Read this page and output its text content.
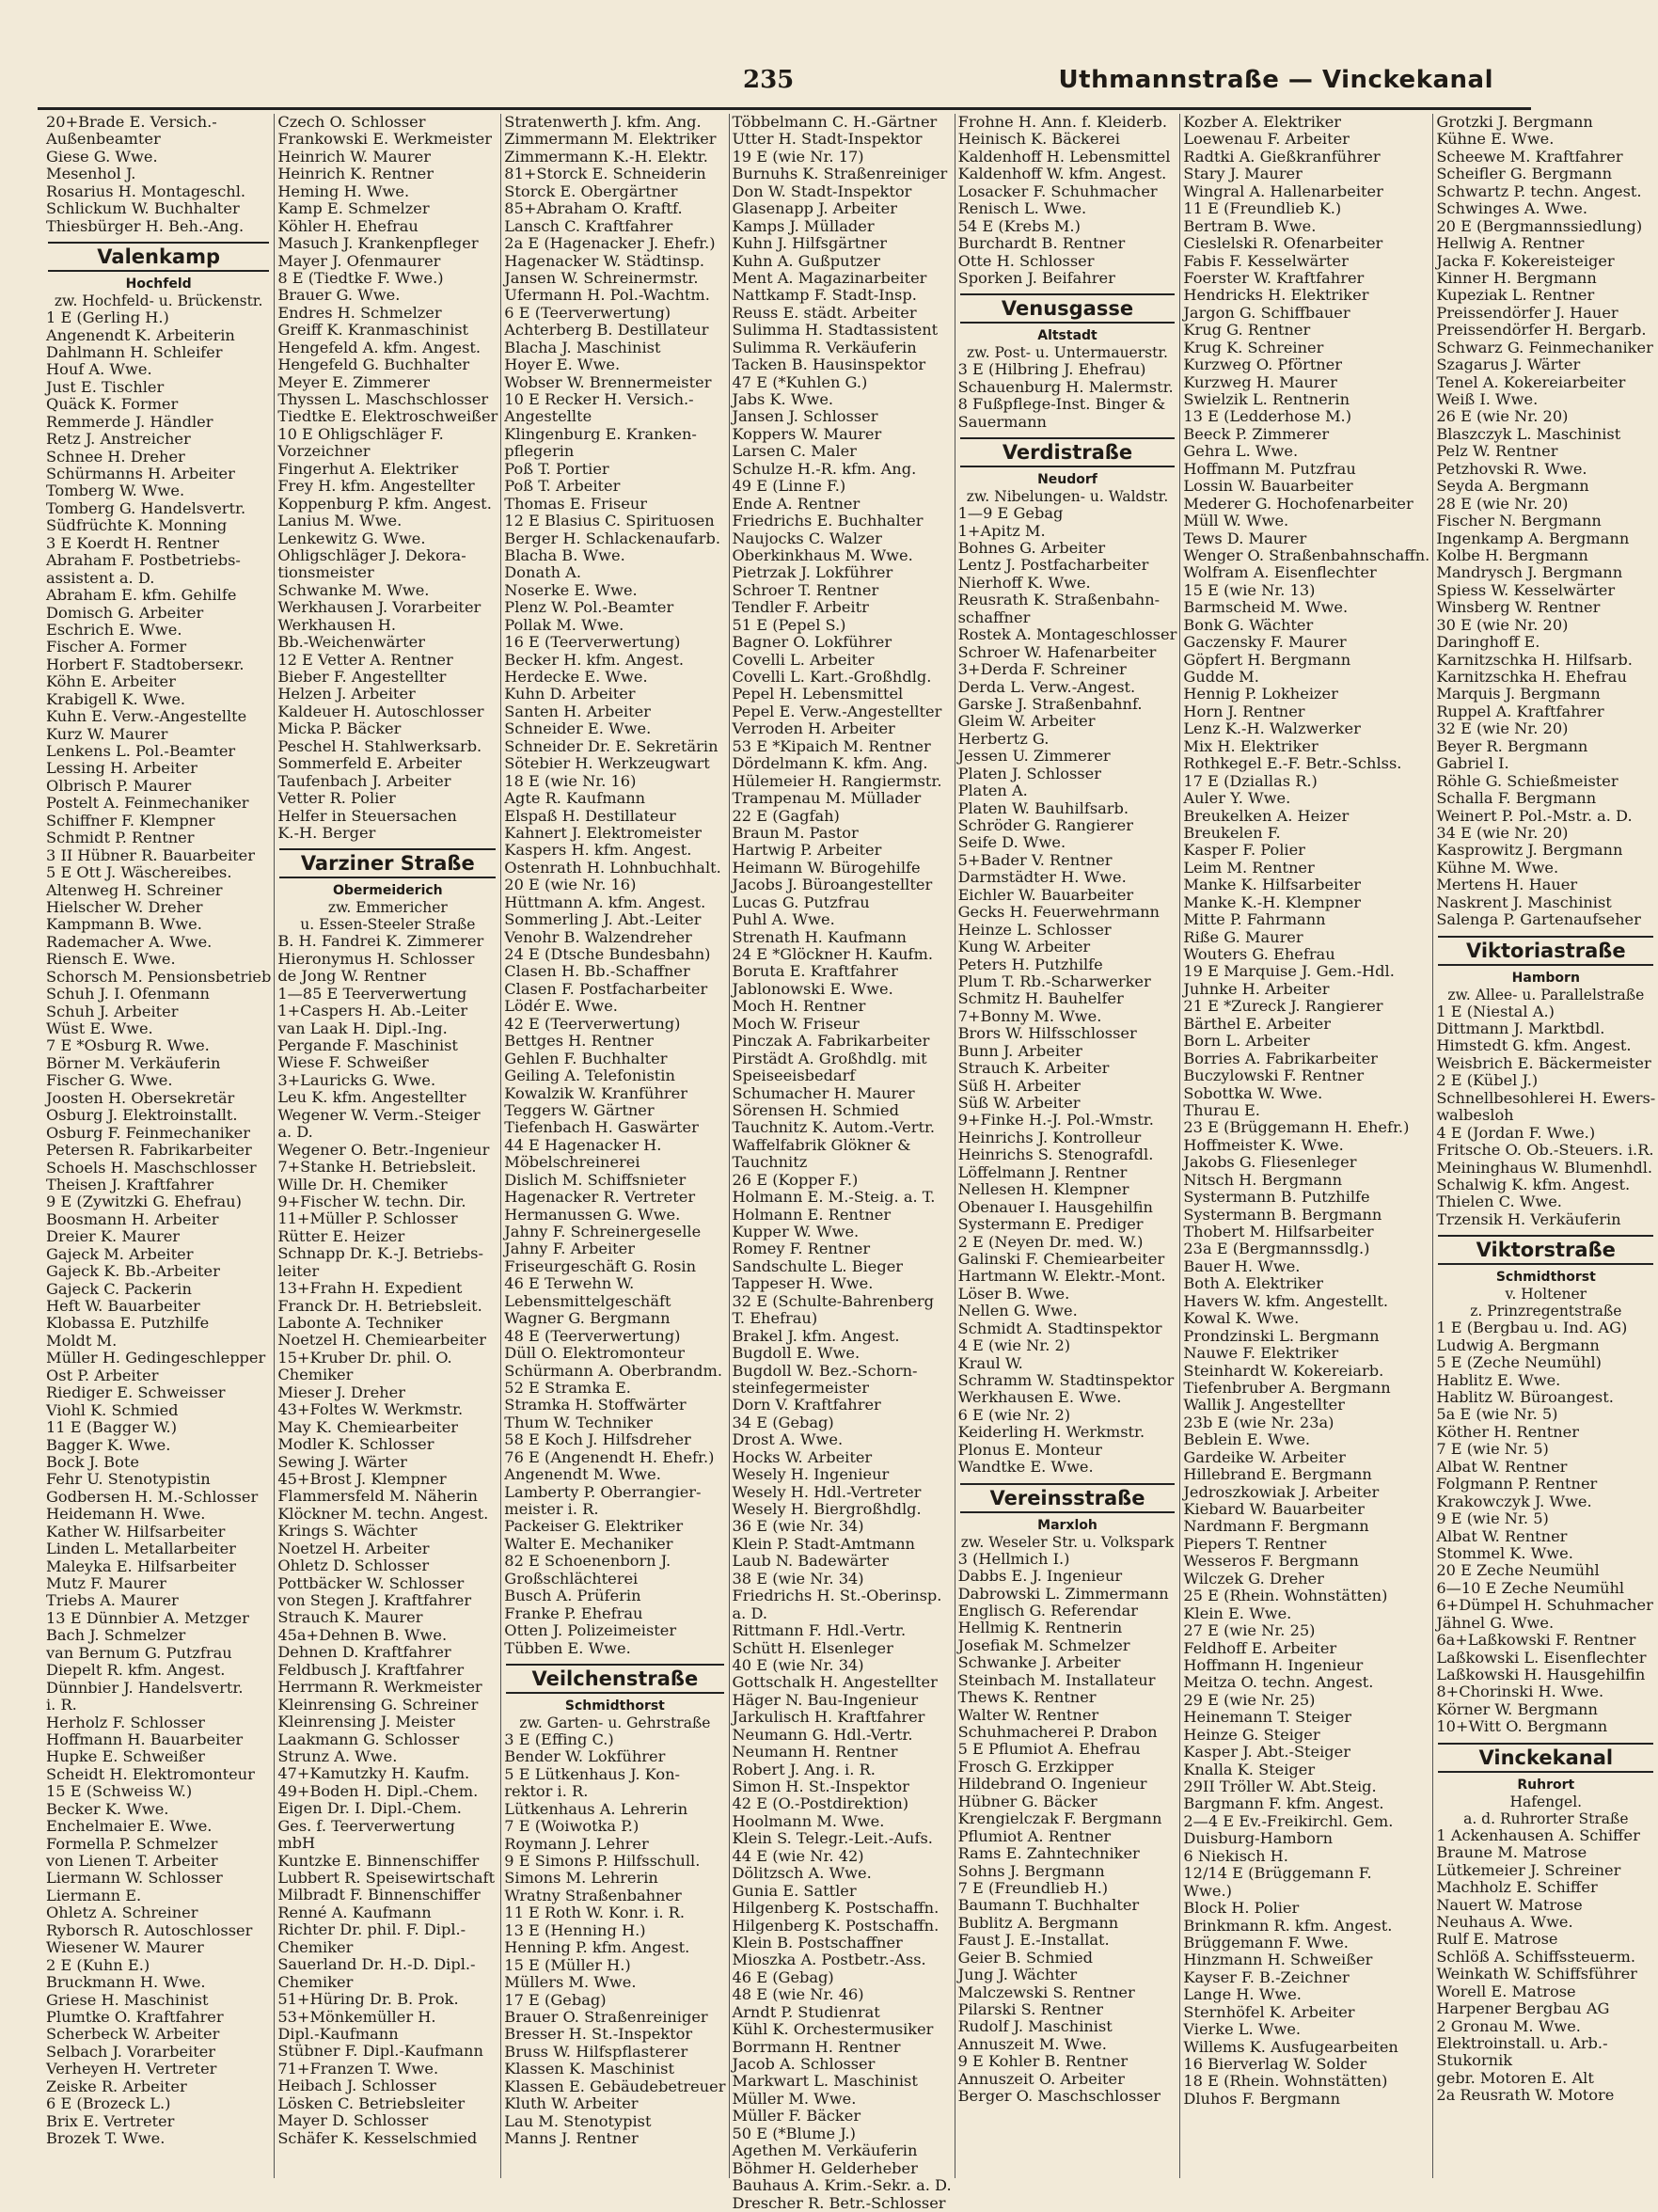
235	Uthmannstraße — Vinckekanal
20+Brade E. Versich.-
Außenbeamter
Giese G. Wwe.
Mesenhol J.
Rosarius H. Montageschl.
Schlickum W. Buchhalter
Thiesbürger H. Beh.-Ang.
Valenkamp
Hochfeld
zw. Hochfeld- u. Brückenstr.
1 E (Gerling H.)
Angenendt K. Arbeiterin
Dahlmann H. Schleifer
Houf A. Wwe.
Just E. Tischler
Quäck K. Former
Remmerde J. Händler
Retz J. Anstreicher
Schnee H. Dreher
Schürmanns H. Arbeiter
Tomberg W. Wwe.
Tomberg G. Handelsvertr.
Südfrüchte K. Monning
3 E Koerdt H. Rentner
Abraham F. Postbetriebs-
assistent a. D.
Abraham E. kfm. Gehilfe
Domisch G. Arbeiter
Eschrich E. Wwe.
Fischer A. Former
Horbert F. Stadtoberseкr.
Köhn E. Arbeiter
Krabigell K. Wwe.
Kuhn E. Verw.-Angestellte
Kurz W. Maurer
Lenkens L. Pol.-Beamter
Lessing H. Arbeiter
Olbrisch P. Maurer
Postelt A. Feinmechaniker
Schiffner F. Klempner
Schmidt P. Rentner
3 II Hübner R. Bauarbeiter
5 E Ott J. Wäschereibes.
Altenweg H. Schreiner
Hielscher W. Dreher
Kampmann B. Wwe.
Rademacher A. Wwe.
Riensch E. Wwe.
Schorsch M. Pensionsbetrieb
Schuh J. I. Ofenmann
Schuh J. Arbeiter
Wüst E. Wwe.
7 E *Osburg R. Wwe.
Börner M. Verkäuferin
Fischer G. Wwe.
Joosten H. Obersekretär
Osburg J. Elektroinstallt.
Osburg F. Feinmechaniker
Petersen R. Fabrikarbeiter
Schoels H. Maschschlosser
Theisen J. Kraftfahrer
9 E (Zywitzki G. Ehefrau)
Boosmann H. Arbeiter
Dreier K. Maurer
Gajeck M. Arbeiter
Gajeck K. Bb.-Arbeiter
Gajeck C. Packerin
Heft W. Bauarbeiter
Klobassa E. Putzhilfe
Moldt M.
Müller H. Gedingeschlepper
Ost P. Arbeiter
Riediger E. Schweisser
Viohl K. Schmied
11 E (Bagger W.)
Bagger K. Wwe.
Bock J. Bote
Fehr U. Stenotypistin
Godbersen H. M.-Schlosser
Heidemann H. Wwe.
Kather W. Hilfsarbeiter
Linden L. Metallarbeiter
Maleyka E. Hilfsarbeiter
Mutz F. Maurer
Triebs A. Maurer
13 E Dünnbier A. Metzger
Bach J. Schmelzer
van Bernum G. Putzfrau
Diepelt R. kfm. Angest.
Dünnbier J. Handelsvertr.
i. R.
Herholz F. Schlosser
Hoffmann H. Bauarbeiter
Hupke E. Schweißer
Scheidt H. Elektromonteur
15 E (Schweiss W.)
Becker K. Wwe.
Enchelmaier E. Wwe.
Formella P. Schmelzer
von Lienen T. Arbeiter
Liermann W. Schlosser
Liermann E.
Ohletz A. Schreiner
Ryborsch R. Autoschlosser
Wiesener W. Maurer
2 E (Kuhn E.)
Bruckmann H. Wwe.
Griese H. Maschinist
Plumtke O. Kraftfahrer
Scherbeck W. Arbeiter
Selbach J. Vorarbeiter
Verheyen H. Vertreter
Zeiske R. Arbeiter
6 E (Brozeck L.)
Brix E. Vertreter
Brozek T. Wwe.
Czech O. Schlosser
Frankowski E. Werkmeister
Heinrich W. Maurer
Heinrich K. Rentner
Heming H. Wwe.
Kamp E. Schmelzer
Köhler H. Ehefrau
Masuch J. Krankenpfleger
Mayer J. Ofenmaurer
8 E (Tiedtke F. Wwe.)
Brauer G. Wwe.
Endres H. Schmelzer
Greiff K. Kranmaschinist
Hengefeld A. kfm. Angest.
Hengefeld G. Buchhalter
Meyer E. Zimmerer
Thyssen L. Maschschlosser
Tiedtke E. Elektroschweißer
10 E Ohligschläger F.
Vorzeichner
Fingerhut A. Elektriker
Frey H. kfm. Angestellter
Koppenburg P. kfm. Angest.
Lanius M. Wwe.
Lenkewitz G. Wwe.
Ohligschläger J. Dekora-
tionsmeister
Schwanke M. Wwe.
Werkhausen J. Vorarbeiter
Werkhausen H.
Bb.-Weichenwärter
12 E Vetter A. Rentner
Bieber F. Angestellter
Helzen J. Arbeiter
Kaldeuer H. Autoschlosser
Micka P. Bäcker
Peschel H. Stahlwerksarb.
Sommerfeld E. Arbeiter
Taufenbach J. Arbeiter
Vetter R. Polier
Helfer in Steuersachen
K.-H. Berger
Varziner Straße
Obermeiderich
zw. Emmericher
u. Essen-Steeler Straße
B. H. Fandrei K. Zimmerer
Hieronymus H. Schlosser
de Jong W. Rentner
1—85 E Teerverwertung
1+Caspers H. Ab.-Leiter
van Laak H. Dipl.-Ing.
Pergande F. Maschinist
Wiese F. Schweißer
3+Lauricks G. Wwe.
Leu K. kfm. Angestellter
Wegener W. Verm.-Steiger
a. D.
Wegener O. Betr.-Ingenieur
7+Stanke H. Betriebsleit.
Wille Dr. H. Chemiker
9+Fischer W. techn. Dir.
11+Müller P. Schlosser
Rütter E. Heizer
Schnapp Dr. K.-J. Betriebs-
leiter
13+Frahn H. Expedient
Franck Dr. H. Betriebsleit.
Labonte A. Techniker
Noetzel H. Chemiearbeiter
15+Kruber Dr. phil. O.
Chemiker
Mieser J. Dreher
43+Foltes W. Werkmstr.
May K. Chemiearbeiter
Modler K. Schlosser
Sewing J. Wärter
45+Brost J. Klempner
Flammersfeld M. Näherin
Klöckner M. techn. Angest.
Krings S. Wächter
Noetzel H. Arbeiter
Ohletz D. Schlosser
Pottbäcker W. Schlosser
von Stegen J. Kraftfahrer
Strauch K. Maurer
45a+Dehnen B. Wwe.
Dehnen D. Kraftfahrer
Feldbusch J. Kraftfahrer
Herrmann R. Werkmeister
Kleinrensing G. Schreiner
Kleinrensing J. Meister
Laakmann G. Schlosser
Strunz A. Wwe.
47+Kamutzky H. Kaufm.
49+Boden H. Dipl.-Chem.
Eigen Dr. I. Dipl.-Chem.
Ges. f. Teerverwertung
mbH
Kuntzke E. Binnenschiffer
Lubbert R. Speisewirtschaft
Milbradt F. Binnenschiffer
Renné A. Kaufmann
Richter Dr. phil. F. Dipl.-
Chemiker
Sauerland Dr. H.-D. Dipl.-
Chemiker
51+Hüring Dr. B. Prok.
53+Mönkemüller H.
Dipl.-Kaufmann
Stübner F. Dipl.-Kaufmann
71+Franzen T. Wwe.
Heibach J. Schlosser
Lösken C. Betriebsleiter
Mayer D. Schlosser
Schäfer K. Kesselschmied
Stratenwerth J. kfm. Ang.
Zimmermann M. Elektriker
Zimmermann K.-H. Elektr.
81+Storck E. Schneiderin
Storck E. Obergärtner
85+Abraham O. Kraftf.
Lansch C. Kraftfahrer
2a E (Hagenacker J. Ehefr.)
Hagenacker W. Städtinsp.
Jansen W. Schreinermstr.
Ufermann H. Pol.-Wachtm.
6 E (Teerverwertung)
Achterberg B. Destillateur
Blacha J. Maschinist
Hoyer E. Wwe.
Wobser W. Brennermeister
10 E Recker H. Versich.-
Angestellte
Klingenburg E. Kranken-
pflegerin
Poß T. Portier
Poß T. Arbeiter
Thomas E. Friseur
12 E Blasius C. Spirituosen
Berger H. Schlackenaufarb.
Blacha B. Wwe.
Donath A.
Noserke E. Wwe.
Plenz W. Pol.-Beamter
Pollak M. Wwe.
16 E (Teerverwertung)
Becker H. kfm. Angest.
Herdecke E. Wwe.
Kuhn D. Arbeiter
Santen H. Arbeiter
Schneider E. Wwe.
Schneider Dr. E. Sekretärin
Sötebier H. Werkzeugwart
18 E (wie Nr. 16)
Agte R. Kaufmann
Elspaß H. Destillateur
Kahnert J. Elektromeister
Kaspers H. kfm. Angest.
Ostenrath H. Lohnbuchhalt.
20 E (wie Nr. 16)
Hüttmann A. kfm. Angest.
Sommerling J. Abt.-Leiter
Venohr B. Walzendreher
24 E (Dtsche Bundesbahn)
Clasen H. Bb.-Schaffner
Clasen F. Postfacharbeiter
Lödér E. Wwe.
42 E (Teerverwertung)
Bettges H. Rentner
Gehlen F. Buchhalter
Geiling A. Telefonistin
Kowalzik W. Kranführer
Teggers W. Gärtner
Tiefenbach H. Gaswärter
44 E Hagenacker H.
Möbelschreinerei
Dislich M. Schiffsnieter
Hagenacker R. Vertreter
Hermanussen G. Wwe.
Jahny F. Schreinergeselle
Jahny F. Arbeiter
Friseurgeschäft G. Rosin
46 E Terwehn W.
Lebensmittelgeschäft
Wagner G. Bergmann
48 E (Teerverwertung)
Düll O. Elektromonteur
Schürmann A. Oberbrandm.
52 E Stramka E.
Stramka H. Stoffwärter
Thum W. Techniker
58 E Koch J. Hilfsdreher
76 E (Angenendt H. Ehefr.)
Angenendt M. Wwe.
Lamberty P. Oberrangier-
meister i. R.
Packeiser G. Elektriker
Walter E. Mechaniker
82 E Schoenenborn J.
Großschlächterei
Busch A. Prüferin
Franke P. Ehefrau
Otten J. Polizeimeister
Tübben E. Wwe.
Veilchenstraße
Schmidthorst
zw. Garten- u. Gehrstraße
3 E (Effing C.)
Bender W. Lokführer
5 E Lütkenhaus J. Kon-
rektor i. R.
Lütkenhaus A. Lehrerin
7 E (Woiwotka P.)
Roymann J. Lehrer
9 E Simons P. Hilfsschull.
Simons M. Lehrerin
Wratny Straßenbahner
11 E Roth W. Konr. i. R.
13 E (Henning H.)
Henning P. kfm. Angest.
15 E (Müller H.)
Müllers M. Wwe.
17 E (Gebag)
Brauer O. Straßenreiniger
Bresser H. St.-Inspektor
Bruss W. Hilfspflasterer
Klassen K. Maschinist
Klassen E. Gebäudebetreuer
Kluth W. Arbeiter
Lau M. Stenotypist
Manns J. Rentner
Többelmann C. H.-Gärtner
Utter H. Stadt-Inspektor
19 E (wie Nr. 17)
Burnuhs K. Straßenreiniger
Don W. Stadt-Inspektor
Glasenapp J. Arbeiter
Kamps J. Müllader
Kuhn J. Hilfsgärtner
Kuhn A. Gußputzer
Ment A. Magazinarbeiter
Nattkamp F. Stadt-Insp.
Reuss E. städt. Arbeiter
Sulimma H. Stadtassistent
Sulimma R. Verkäuferin
Tacken B. Hausinspektor
47 E (*Kuhlen G.)
Jabs K. Wwe.
Jansen J. Schlosser
Koppers W. Maurer
Larsen C. Maler
Schulze H.-R. kfm. Ang.
49 E (Linne F.)
Ende A. Rentner
Friedrichs E. Buchhalter
Naujocks C. Walzer
Oberkinkhaus M. Wwe.
Pietrzak J. Lokführer
Schroer T. Rentner
Tendler F. Arbeitr
51 E (Pepel S.)
Bagner O. Lokführer
Covelli L. Arbeiter
Covelli L. Kart.-Großhdlg.
Pepel H. Lebensmittel
Pepel E. Verw.-Angestellter
Verroden H. Arbeiter
53 E *Kipaich M. Rentner
Dördelmann K. kfm. Ang.
Hülemeier H. Rangiermstr.
Trampenau M. Müllader
22 E (Gagfah)
Braun M. Pastor
Hartwig P. Arbeiter
Heimann W. Bürogehilfe
Jacobs J. Büroangestellter
Lucas G. Putzfrau
Puhl A. Wwe.
Strenath H. Kaufmann
24 E *Glöckner H. Kaufm.
Boruta E. Kraftfahrer
Jablonowski E. Wwe.
Moch H. Rentner
Moch W. Friseur
Pinczak A. Fabrikarbeiter
Pirstädt A. Großhdlg. mit
Speiseeisbedarf
Schumacher H. Maurer
Sörensen H. Schmied
Tauchnitz K. Autom.-Vertr.
Waffelfabrik Glökner &
Tauchnitz
26 E (Kopper F.)
Holmann E. M.-Steig. a. T.
Holmann E. Rentner
Kupper W. Wwe.
Romey F. Rentner
Sandschulte L. Bieger
Tappeser H. Wwe.
32 E (Schulte-Bahrenberg
T. Ehefrau)
Brakel J. kfm. Angest.
Bugdoll E. Wwe.
Bugdoll W. Bez.-Schorn-
steinfegermeister
Dorn V. Kraftfahrer
34 E (Gebag)
Drost A. Wwe.
Hocks W. Arbeiter
Wesely H. Ingenieur
Wesely H. Hdl.-Vertreter
Wesely H. Biergroßhdlg.
36 E (wie Nr. 34)
Klein P. Stadt-Amtmann
Laub N. Badewärter
38 E (wie Nr. 34)
Friedrichs H. St.-Oberinsp.
a. D.
Rittmann F. Hdl.-Vertr.
Schütt H. Elsenleger
40 E (wie Nr. 34)
Gottschalk H. Angestellter
Häger N. Bau-Ingenieur
Jarkulisch H. Kraftfahrer
Neumann G. Hdl.-Vertr.
Neumann H. Rentner
Robert J. Ang. i. R.
Simon H. St.-Inspektor
42 E (O.-Postdirektion)
Hoolmann M. Wwe.
Klein S. Telegr.-Leit.-Aufs.
44 E (wie Nr. 42)
Dölitzsch A. Wwe.
Gunia E. Sattler
Hilgenberg K. Postschaffn.
Hilgenberg K. Postschaffn.
Klein B. Postschaffner
Mioszka A. Postbetr.-Ass.
46 E (Gebag)
48 E (wie Nr. 46)
Arndt P. Studienrat
Kühl K. Orchestermusiker
Borrmann H. Rentner
Jacob A. Schlosser
Markwart L. Maschinist
Müller M. Wwe.
Müller F. Bäcker
50 E (*Blume J.)
Agethen M. Verkäuferin
Böhmer H. Gelderheber
Bauhaus A. Krim.-Sekr. a. D.
Drescher R. Betr.-Schlosser
Frohne H. Ann. f. Kleiderb.
Heinisch K. Bäckerei
Kaldenhoff H. Lebensmittel
Kaldenhoff W. kfm. Angest.
Losacker F. Schuhmacher
Renisch L. Wwe.
54 E (Krebs M.)
Burchardt B. Rentner
Otte H. Schlosser
Sporken J. Beifahrer
Venusgasse
Altstadt
zw. Post- u. Untermauerstr.
3 E (Hilbring J. Ehefrau)
Schauenburg H. Malermstr.
8 Fußpflege-Inst. Binger &
Sauermann
Verdistraße
Neudorf
zw. Nibelungen- u. Waldstr.
1—9 E Gebag
1+Apitz M.
Bohnes G. Arbeiter
Lentz J. Postfacharbeiter
Nierhoff K. Wwe.
Reusrath K. Straßenbahn-
schaffner
Rostek A. Montageschlosser
Schroer W. Hafenarbeiter
3+Derda F. Schreiner
Derda L. Verw.-Angest.
Garske J. Straßenbahnf.
Gleim W. Arbeiter
Herbertz G.
Jessen U. Zimmerer
Platen J. Schlosser
Platen A.
Platen W. Bauhilfsarb.
Schröder G. Rangierer
Seife D. Wwe.
5+Bader V. Rentner
Darmstädter H. Wwe.
Eichler W. Bauarbeiter
Gecks H. Feuerwehrmann
Heinze L. Schlosser
Kung W. Arbeiter
Peters H. Putzhilfe
Plum T. Rb.-Scharwerker
Schmitz H. Bauhelfer
7+Bonny M. Wwe.
Brors W. Hilfsschlosser
Bunn J. Arbeiter
Strauch K. Arbeiter
Süß H. Arbeiter
Süß W. Arbeiter
9+Finke H.-J. Pol.-Wmstr.
Heinrichs J. Kontrolleur
Heinrichs S. Stenografdl.
Löffelmann J. Rentner
Nellesen H. Klempner
Obenauer I. Hausgehilfin
Systermann E. Prediger
2 E (Neyen Dr. med. W.)
Galinski F. Chemiearbeiter
Hartmann W. Elektr.-Mont.
Löser B. Wwe.
Nellen G. Wwe.
Schmidt A. Stadtinspektor
4 E (wie Nr. 2)
Kraul W.
Schramm W. Stadtinspektor
Werkhausen E. Wwe.
6 E (wie Nr. 2)
Keiderling H. Werkmstr.
Plonus E. Monteur
Wandtke E. Wwe.
Vereinsstraße
Marxloh
zw. Weseler Str. u. Volkspark
3 (Hellmich I.)
Dabbs E. J. Ingenieur
Dabrowski L. Zimmermann
Englisch G. Referendar
Hellmig K. Rentnerin
Josefiak M. Schmelzer
Schwanke J. Arbeiter
Steinbach M. Installateur
Thews K. Rentner
Walter W. Rentner
Schuhmacherei P. Drabon
5 E Pflumiot A. Ehefrau
Frosch G. Erzkipper
Hildebrand O. Ingenieur
Hübner G. Bäcker
Krengielczak F. Bergmann
Pflumiot A. Rentner
Rams E. Zahntechniker
Sohns J. Bergmann
7 E (Freundlieb H.)
Baumann T. Buchhalter
Bublitz A. Bergmann
Faust J. E.-Installat.
Geier B. Schmied
Jung J. Wächter
Malczewski S. Rentner
Pilarski S. Rentner
Rudolf J. Maschinist
Annuszeit M. Wwe.
9 E Kohler B. Rentner
Annuszeit O. Arbeiter
Berger O. Maschschlosser
Kozber A. Elektriker
Loewenau F. Arbeiter
Radtki A. Gießkranführer
Stary J. Maurer
Wingral A. Hallenarbeiter
11 E (Freundlieb K.)
Bertram B. Wwe.
Cieslelski R. Ofenarbeiter
Fabis F. Kesselwärter
Foerster W. Kraftfahrer
Hendricks H. Elektriker
Jargon G. Schiffbauer
Krug G. Rentner
Krug K. Schreiner
Kurzweg O. Pförtner
Kurzweg H. Maurer
Swielzik L. Rentnerin
13 E (Ledderhose M.)
Beeck P. Zimmerer
Gehra L. Wwe.
Hoffmann M. Putzfrau
Lossin W. Bauarbeiter
Mederer G. Hochofenarbeiter
Müll W. Wwe.
Tews D. Maurer
Wenger O. Straßenbahnschaffn.
Wolfram A. Eisenflechter
15 E (wie Nr. 13)
Barmscheid M. Wwe.
Bonk G. Wächter
Gaczensky F. Maurer
Göpfert H. Bergmann
Gudde M.
Hennig P. Lokheizer
Horn J. Rentner
Lenz K.-H. Walzwerker
Mix H. Elektriker
Rothkegel E.-F. Betr.-Schlss.
17 E (Dziallas R.)
Auler Y. Wwe.
Breukelken A. Heizer
Breukelen F.
Kasper F. Polier
Leim M. Rentner
Manke K. Hilfsarbeiter
Manke K.-H. Klempner
Mitte P. Fahrmann
Riße G. Maurer
Wouters G. Ehefrau
19 E Marquise J. Gem.-Hdl.
Juhnke H. Arbeiter
21 E *Zureck J. Rangierer
Bärthel E. Arbeiter
Born L. Arbeiter
Borries A. Fabrikarbeiter
Buczylowski F. Rentner
Sobottka W. Wwe.
Thurau E.
23 E (Brüggemann H. Ehefr.)
Hoffmeister K. Wwe.
Jakobs G. Fliesenleger
Nitsch H. Bergmann
Systermann B. Putzhilfe
Systermann B. Bergmann
Thobert M. Hilfsarbeiter
23a E (Bergmannssdlg.)
Bauer H. Wwe.
Both A. Elektriker
Havers W. kfm. Angestellt.
Kowal K. Wwe.
Prondzinski L. Bergmann
Nauwe F. Elektriker
Steinhardt W. Kokereiarb.
Tiefenbruber A. Bergmann
Wallik J. Angestellter
23b E (wie Nr. 23a)
Beblein E. Wwe.
Gardeike W. Arbeiter
Hillebrand E. Bergmann
Jedroszkowiak J. Arbeiter
Kiebard W. Bauarbeiter
Nardmann F. Bergmann
Piepers T. Rentner
Wesseros F. Bergmann
Wilczek G. Dreher
25 E (Rhein. Wohnstätten)
Klein E. Wwe.
27 E (wie Nr. 25)
Feldhoff E. Arbeiter
Hoffmann H. Ingenieur
Meitza O. techn. Angest.
29 E (wie Nr. 25)
Heinemann T. Steiger
Heinze G. Steiger
Kasper J. Abt.-Steiger
Knalla K. Steiger
29II Tröller W. Abt.Steig.
Bargmann F. kfm. Angest.
2—4 E Ev.-Freikirchl. Gem.
Duisburg-Hamborn
6 Niekisch H.
12/14 E (Brüggemann F.
Wwe.)
Block H. Polier
Brinkmann R. kfm. Angest.
Brüggemann F. Wwe.
Hinzmann H. Schweißer
Kayser F. B.-Zeichner
Lange H. Wwe.
Sternhöfel K. Arbeiter
Vierke L. Wwe.
Willems K. Ausfugearbeiten
16 Bierverlag W. Solder
18 E (Rhein. Wohnstätten)
Dluhos F. Bergmann
Grotzki J. Bergmann
Kühne E. Wwe.
Scheewe M. Kraftfahrer
Scheifler G. Bergmann
Schwartz P. techn. Angest.
Schwinges A. Wwe.
20 E (Bergmannssiedlung)
Hellwig A. Rentner
Jacka F. Kokereisteiger
Kinner H. Bergmann
Kupeziak L. Rentner
Preissendörfer J. Hauer
Preissendörfer H. Bergarb.
Schwarz G. Feinmechaniker
Szagarus J. Wärter
Tenel A. Kokereiarbeiter
Weiß I. Wwe.
26 E (wie Nr. 20)
Blaszczyk L. Maschinist
Pelz W. Rentner
Petzhovski R. Wwe.
Seyda A. Bergmann
28 E (wie Nr. 20)
Fischer N. Bergmann
Ingenkamp A. Bergmann
Kolbe H. Bergmann
Mandrysch J. Bergmann
Spiess W. Kesselwärter
Winsberg W. Rentner
30 E (wie Nr. 20)
Daringhoff E.
Karnitzschka H. Hilfsarb.
Karnitzschka H. Ehefrau
Marquis J. Bergmann
Ruppel A. Kraftfahrer
32 E (wie Nr. 20)
Beyer R. Bergmann
Gabriel I.
Röhle G. Schießmeister
Schalla F. Bergmann
Weinert P. Pol.-Mstr. a. D.
34 E (wie Nr. 20)
Kasprowitz J. Bergmann
Kühne M. Wwe.
Mertens H. Hauer
Naskrent J. Maschinist
Salenga P. Gartenaufseher
Viktoriastraße
Hamborn
zw. Allee- u. Parallelstraße
1 E (Niestal A.)
Dittmann J. Marktbdl.
Himstedt G. kfm. Angest.
Weisbrich E. Bäckermeister
2 E (Kübel J.)
Schnellbesohlerei H. Ewers-
walbesloh
4 E (Jordan F. Wwe.)
Fritsche O. Ob.-Steuers. i.R.
Meininghaus W. Blumenhdl.
Schalwig K. kfm. Angest.
Thielen C. Wwe.
Trzensik H. Verkäuferin
Viktorstraße
Schmidthorst
v. Holtener
z. Prinzregentstraße
1 E (Bergbau u. Ind. AG)
Ludwig A. Bergmann
5 E (Zeche Neumühl)
Hablitz E. Wwe.
Hablitz W. Büroangest.
5a E (wie Nr. 5)
Köther H. Rentner
7 E (wie Nr. 5)
Albat W. Rentner
Folgmann P. Rentner
Krakowczyk J. Wwe.
9 E (wie Nr. 5)
Albat W. Rentner
Stommel K. Wwe.
20 E Zeche Neumühl
6—10 E Zeche Neumühl
6+Dümpel H. Schuhmacher
Jähnel G. Wwe.
6a+Laßkowski F. Rentner
Laßkowski L. Eisenflechter
Laßkowski H. Hausgehilfin
8+Chorinski H. Wwe.
Körner W. Bergmann
10+Witt O. Bergmann
Vinckekanal
Ruhrort
Hafengel.
a. d. Ruhrorter Straße
1 Ackenhausen A. Schiffer
Braune M. Matrose
Lütkemeier J. Schreiner
Machholz E. Schiffer
Nauert W. Matrose
Neuhaus A. Wwe.
Rulf E. Matrose
Schlöß A. Schiffssteuerm.
Weinkath W. Schiffsführer
Worell E. Matrose
Harpener Bergbau AG
2 Gronau M. Wwe.
Elektroinstall. u. Arb.-
Stukornik
gebr. Motoren E. Alt
2a Reusrath W. Motore
